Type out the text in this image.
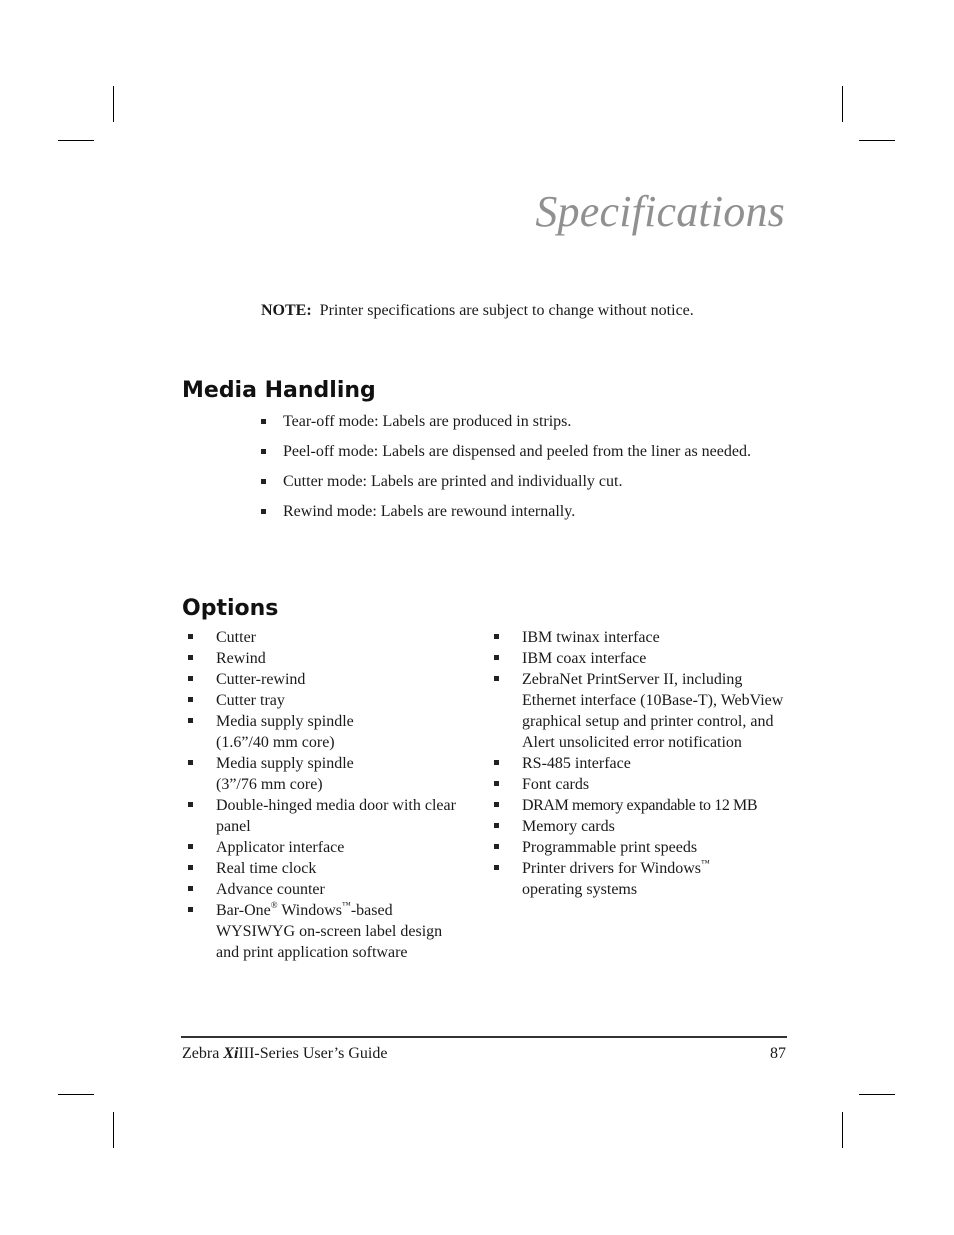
Specifications
NOTE: Printer specifications are subject to change without notice.
Media Handling
Tear-off mode: Labels are produced in strips.
Peel-off mode: Labels are dispensed and peeled from the liner as needed.
Cutter mode: Labels are printed and individually cut.
Rewind mode: Labels are rewound internally.
Options
Cutter
Rewind
Cutter-rewind
Cutter tray
Media supply spindle (1.6”/40 mm core)
Media supply spindle (3”/76 mm core)
Double-hinged media door with clear panel
Applicator interface
Real time clock
Advance counter
Bar-One® Windows™-based WYSIWYG on-screen label design and print application software
IBM twinax interface
IBM coax interface
ZebraNet PrintServer II, including Ethernet interface (10Base-T), WebView graphical setup and printer control, and Alert unsolicited error notification
RS-485 interface
Font cards
DRAM memory expandable to 12 MB
Memory cards
Programmable print speeds
Printer drivers for Windows™ operating systems
Zebra XiIII-Series User’s Guide	87
